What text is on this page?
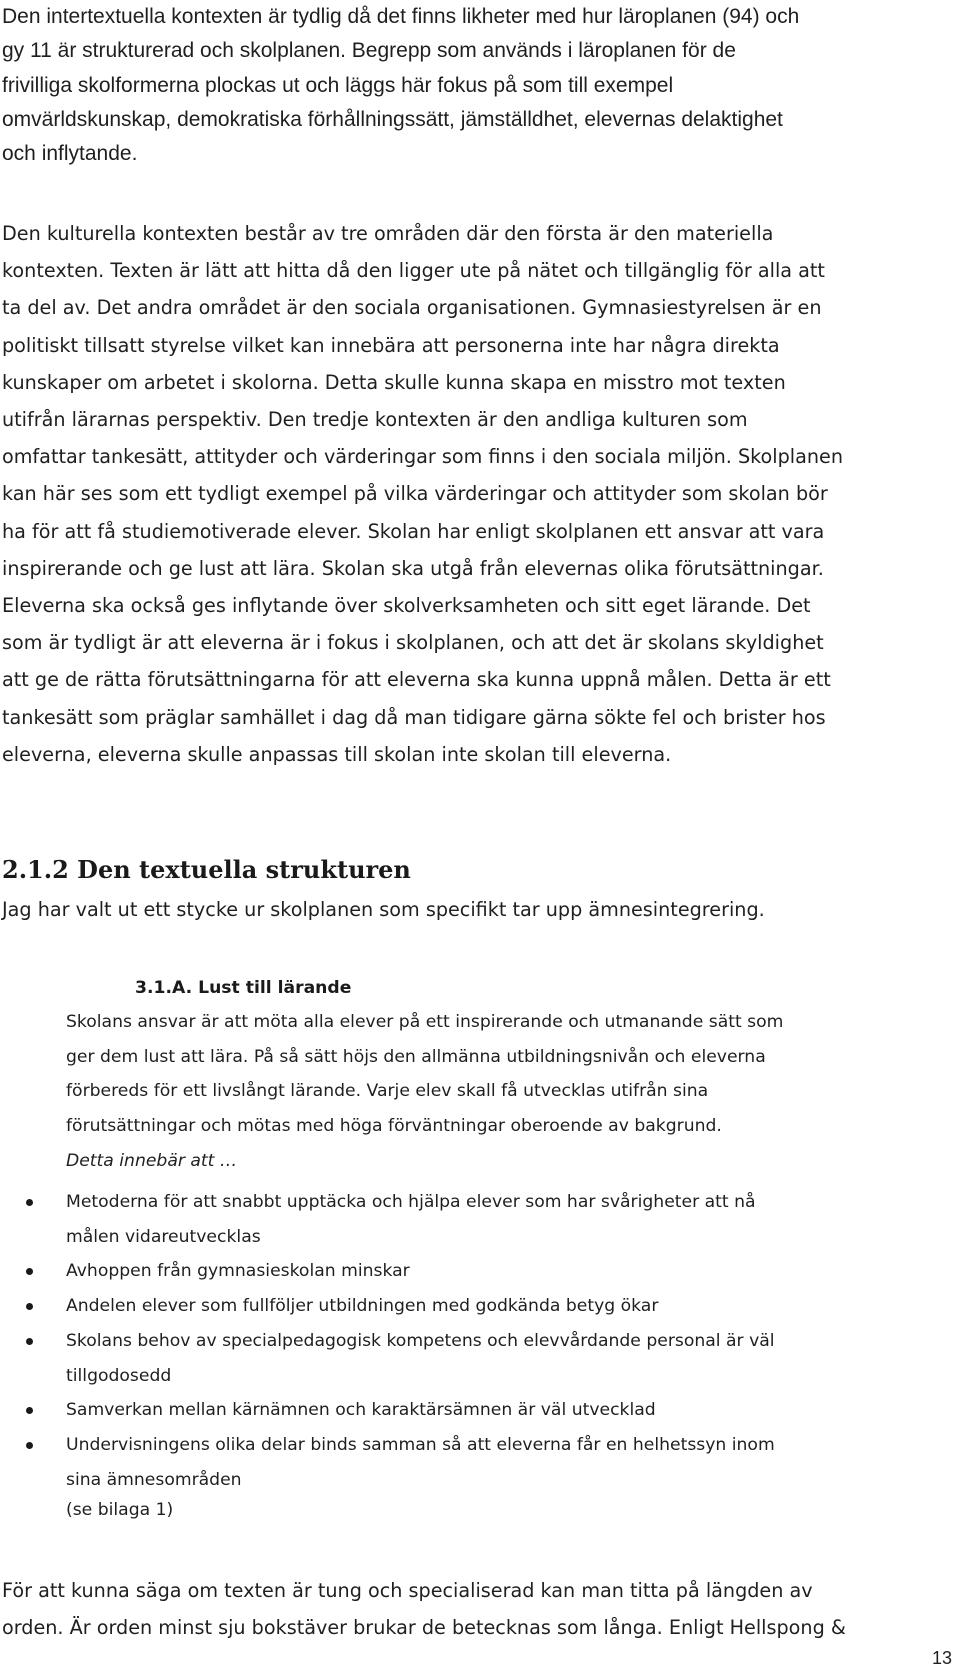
Den intertextuella kontexten är tydlig då det finns likheter med hur läroplanen (94) och
gy 11 är strukturerad och skolplanen. Begrepp som används i läroplanen för de
frivilliga skolformerna plockas ut och läggs här fokus på som till exempel
omvärldskunskap, demokratiska förhållningssätt, jämställdhet, elevernas delaktighet
och inflytande.
Den kulturella kontexten består av tre områden där den första är den materiella
kontexten. Texten är lätt att hitta då den ligger ute på nätet och tillgänglig för alla att
ta del av. Det andra området är den sociala organisationen. Gymnasiestyrelsen är en
politiskt tillsatt styrelse vilket kan innebära att personerna inte har några direkta
kunskaper om arbetet i skolorna. Detta skulle kunna skapa en misstro mot texten
utifrån lärarnas perspektiv. Den tredje kontexten är den andliga kulturen som
omfattar tankesätt, attityder och värderingar som finns i den sociala miljön. Skolplanen
kan här ses som ett tydligt exempel på vilka värderingar och attityder som skolan bör
ha för att få studiemotiverade elever. Skolan har enligt skolplanen ett ansvar att vara
inspirerande och ge lust att lära. Skolan ska utgå från elevernas olika förutsättningar.
Eleverna ska också ges inflytande över skolverksamheten och sitt eget lärande. Det
som är tydligt är att eleverna är i fokus i skolplanen, och att det är skolans skyldighet
att ge de rätta förutsättningarna för att eleverna ska kunna uppnå målen. Detta är ett
tankesätt som präglar samhället i dag då man tidigare gärna sökte fel och brister hos
eleverna, eleverna skulle anpassas till skolan inte skolan till eleverna.
2.1.2 Den textuella strukturen
Jag har valt ut ett stycke ur skolplanen som specifikt tar upp ämnesintegrering.
3.1.A. Lust till lärande
Skolans ansvar är att möta alla elever på ett inspirerande och utmanande sätt som
ger dem lust att lära. På så sätt höjs den allmänna utbildningsnivån och eleverna
förbereds för ett livslångt lärande. Varje elev skall få utvecklas utifrån sina
förutsättningar och mötas med höga förväntningar oberoende av bakgrund.
Detta innebär att …
Metoderna för att snabbt upptäcka och hjälpa elever som har svårigheter att nå
målen vidareutvecklas
Avhoppen från gymnasieskolan minskar
Andelen elever som fullföljer utbildningen med godkända betyg ökar
Skolans behov av specialpedagogisk kompetens och elevvårdande personal är väl
tillgodosedd
Samverkan mellan kärnämnen och karaktärsämnen är väl utvecklad
Undervisningens olika delar binds samman så att eleverna får en helhetssyn inom
sina ämnesområden
(se bilaga 1)
För att kunna säga om texten är tung och specialiserad kan man titta på längden av
orden. Är orden minst sju bokstäver brukar de betecknas som långa. Enligt Hellspong &
13
